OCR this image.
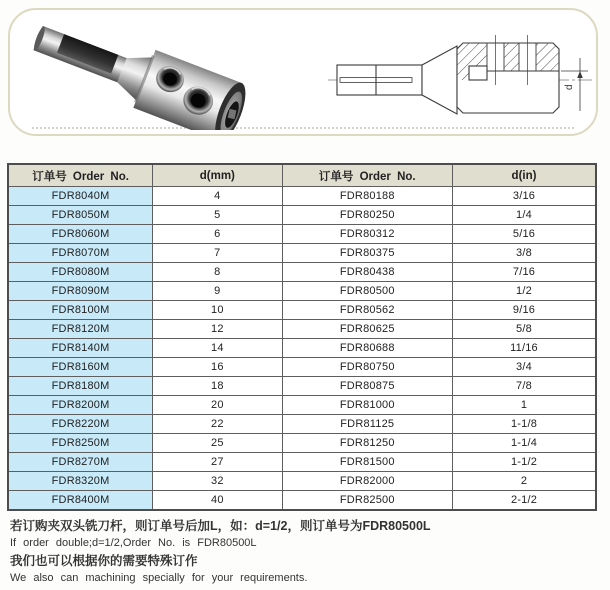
d
订单号 Order No.	d(mm)	订单号 Order No.	d(in)
FDR8040M	4	FDR80188	3/16
FDR8050M	5	FDR80250	1/4
FDR8060M	6	FDR80312	5/16
FDR8070M	7	FDR80375	3/8
FDR8080M	8	FDR80438	7/16
FDR8090M	9	FDR80500	1/2
FDR8100M	10	FDR80562	9/16
FDR8120M	12	FDR80625	5/8
FDR8140M	14	FDR80688	11/16
FDR8160M	16	FDR80750	3/4
FDR8180M	18	FDR80875	7/8
FDR8200M	20	FDR81000	1
FDR8220M	22	FDR81125	1-1/8
FDR8250M	25	FDR81250	1-1/4
FDR8270M	27	FDR81500	1-1/2
FDR8320M	32	FDR82000	2
FDR8400M	40	FDR82500	2-1/2

若订购夹双头铣刀杆，则订单号后加L，如：d=1/2，则订单号为FDR80500L

If order double;d=1/2,Order No. is FDR80500L

我们也可以根据你的需要特殊订作

We also can machining specially for your requirements.
